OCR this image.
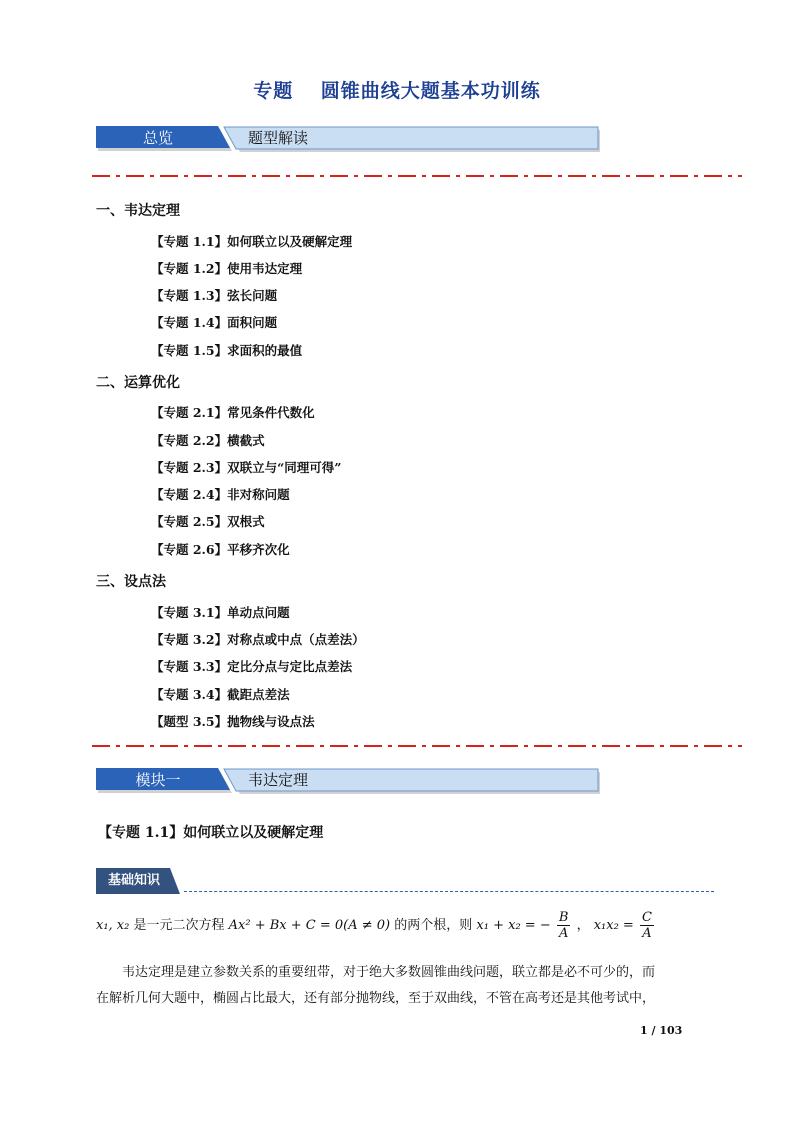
专题　 圆锥曲线大题基本功训练
总览	题型解读
一、韦达定理
【专题 1.1】如何联立以及硬解定理
【专题 1.2】使用韦达定理
【专题 1.3】弦长问题
【专题 1.4】面积问题
【专题 1.5】求面积的最值
二、运算优化
【专题 2.1】常见条件代数化
【专题 2.2】横截式
【专题 2.3】双联立与“同理可得”
【专题 2.4】非对称问题
【专题 2.5】双根式
【专题 2.6】平移齐次化
三、设点法
【专题 3.1】单动点问题
【专题 3.2】对称点或中点（点差法）
【专题 3.3】定比分点与定比点差法
【专题 3.4】截距点差法
【题型 3.5】抛物线与设点法
模块一	韦达定理
【专题 1.1】如何联立以及硬解定理
基础知识
x₁, x₂ 是一元二次方程 Ax² + Bx + C = 0(A ≠ 0) 的两个根，则 x₁ + x₂ = − $\frac{B}{A}$ ， $x_1x_2 = \frac{C}{A}$
　　韦达定理是建立参数关系的重要纽带，对于绝大多数圆锥曲线问题，联立都是必不可少的，而
在解析几何大题中，椭圆占比最大，还有部分抛物线，至于双曲线，不管在高考还是其他考试中，
1 / 103
